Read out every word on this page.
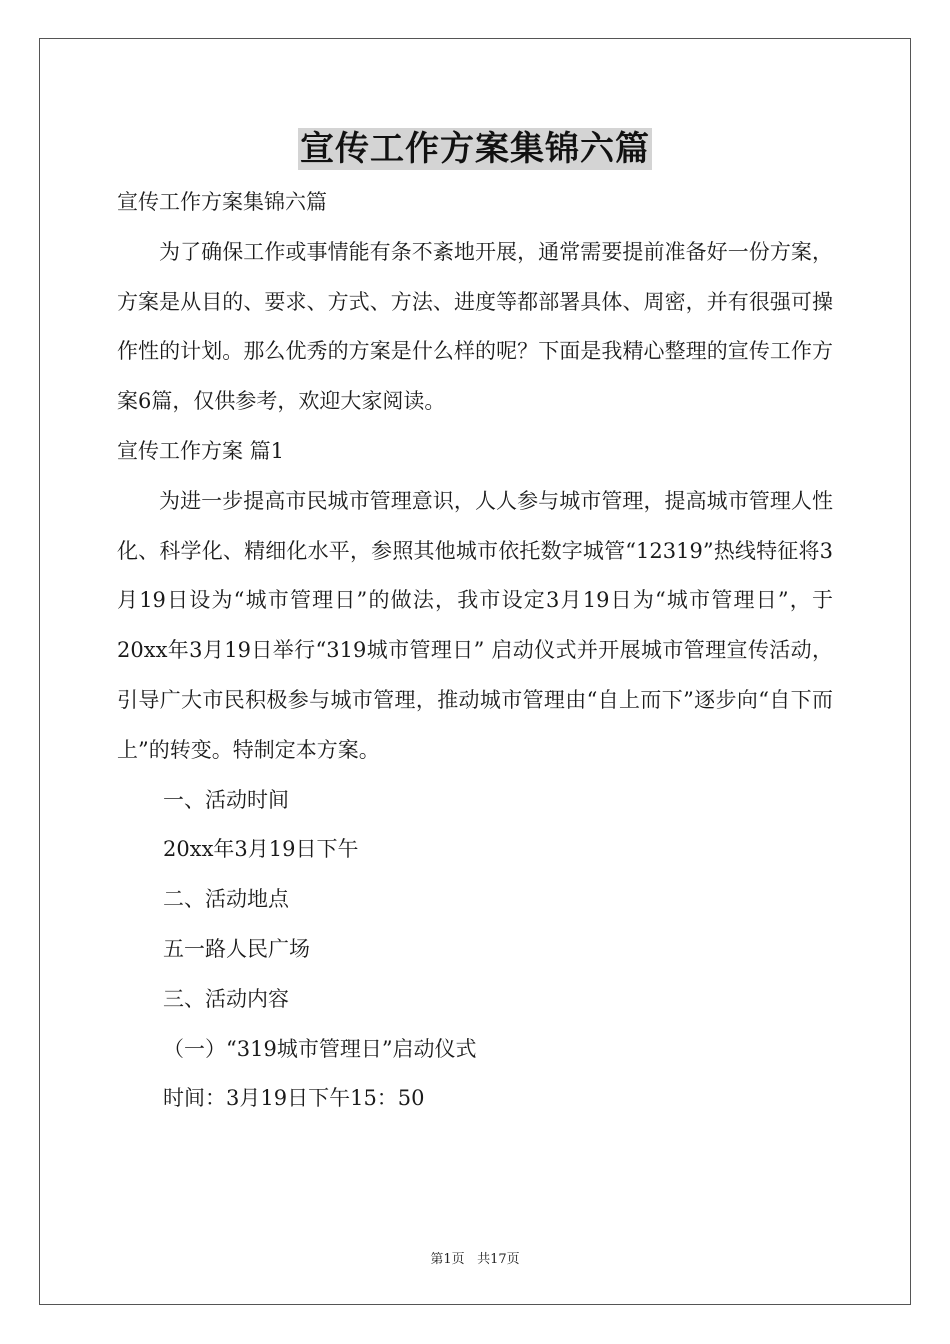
宣传工作方案集锦六篇

宣传工作方案集锦六篇

为了确保工作或事情能有条不紊地开展，通常需要提前准备好一份方案，方案是从目的、要求、方式、方法、进度等都部署具体、周密，并有很强可操作性的计划。那么优秀的方案是什么样的呢？下面是我精心整理的宣传工作方案6篇，仅供参考，欢迎大家阅读。

宣传工作方案 篇1

为进一步提高市民城市管理意识，人人参与城市管理，提高城市管理人性化、科学化、精细化水平，参照其他城市依托数字城管“12319”热线特征将3月19日设为“城市管理日”的做法，我市设定3月19日为“城市管理日”，于20xx年3月19日举行“319城市管理日” 启动仪式并开展城市管理宣传活动，引导广大市民积极参与城市管理，推动城市管理由“自上而下”逐步向“自下而上”的转变。特制定本方案。

一、活动时间

20xx年3月19日下午

二、活动地点

五一路人民广场

三、活动内容

（一）“319城市管理日”启动仪式

时间：3月19日下午15：50

第1页 共17页
